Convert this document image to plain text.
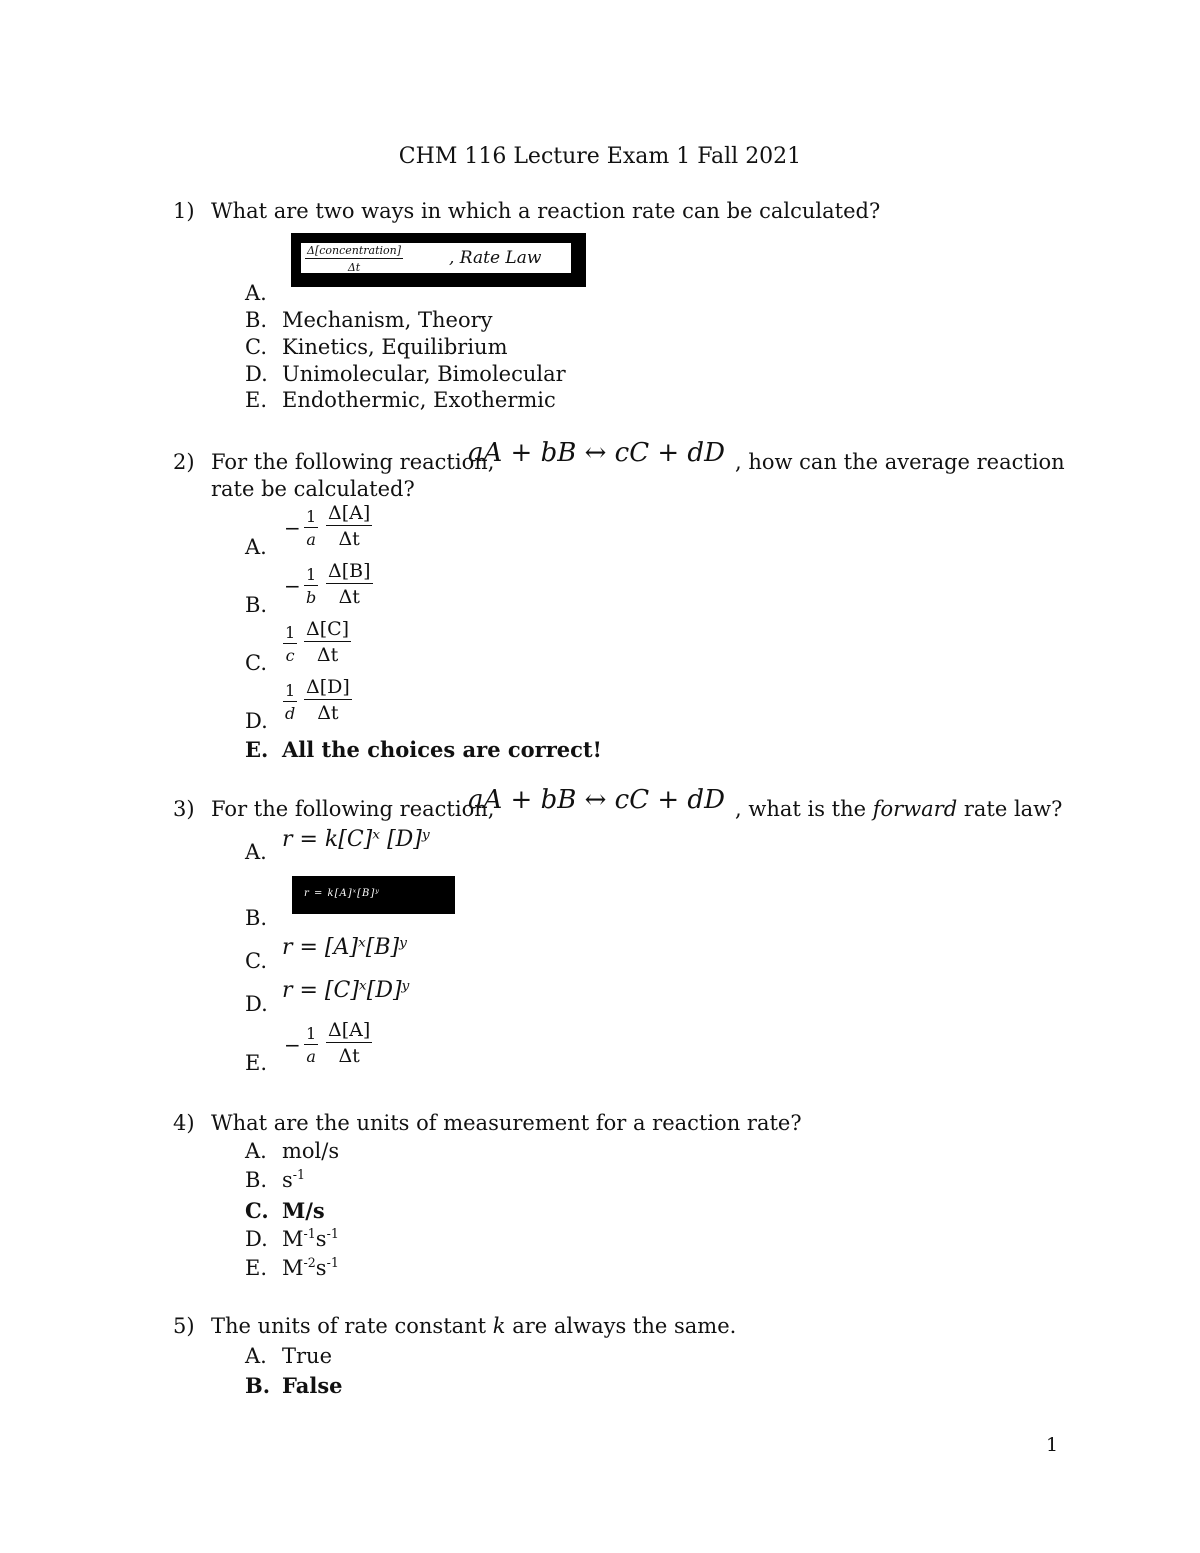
CHM 116 Lecture Exam 1 Fall 2021
1) What are two ways in which a reaction rate can be calculated?
Δ[concentration]
Δt	, Rate Law
A.
B. Mechanism, Theory
C. Kinetics, Equilibrium
D. Unimolecular, Bimolecular
E. Endothermic, Exothermic
2) For the following reaction,
aA + bB ↔ cC + dD , how can the average reaction
rate be calculated?
A.
− $\frac{1}{a} \frac{\Delta[A]}{\Delta t}$
B.
− $\frac{1}{b} \frac{\Delta[B]}{\Delta t}$
C. $\frac{1}{c} \frac{\Delta[C]}{\Delta t}$
D. $\frac{1}{d} \frac{\Delta[D]}{\Delta t}$
E. All the choices are correct!
3) For the following reaction,
aA + bB ↔ cC + dD , what is the forward rate law?
A. r = k[C]ˣ [D]ʸ
r = k[A]ˣ[B]ʸ
B.
C.
r = [A]ˣ[B]ʸ
D.
r = [C]ˣ[D]ʸ
E.
− $\frac{1}{a} \frac{\Delta[A]}{\Delta t}$
4) What are the units of measurement for a reaction rate?
A. mol/s
B. $s^{-1}$
C. M/s
D. $M^{-1}s^{-1}$
E. $M^{-2}s^{-1}$
5) The units of rate constant k are always the same.
A. True
B. False
1
